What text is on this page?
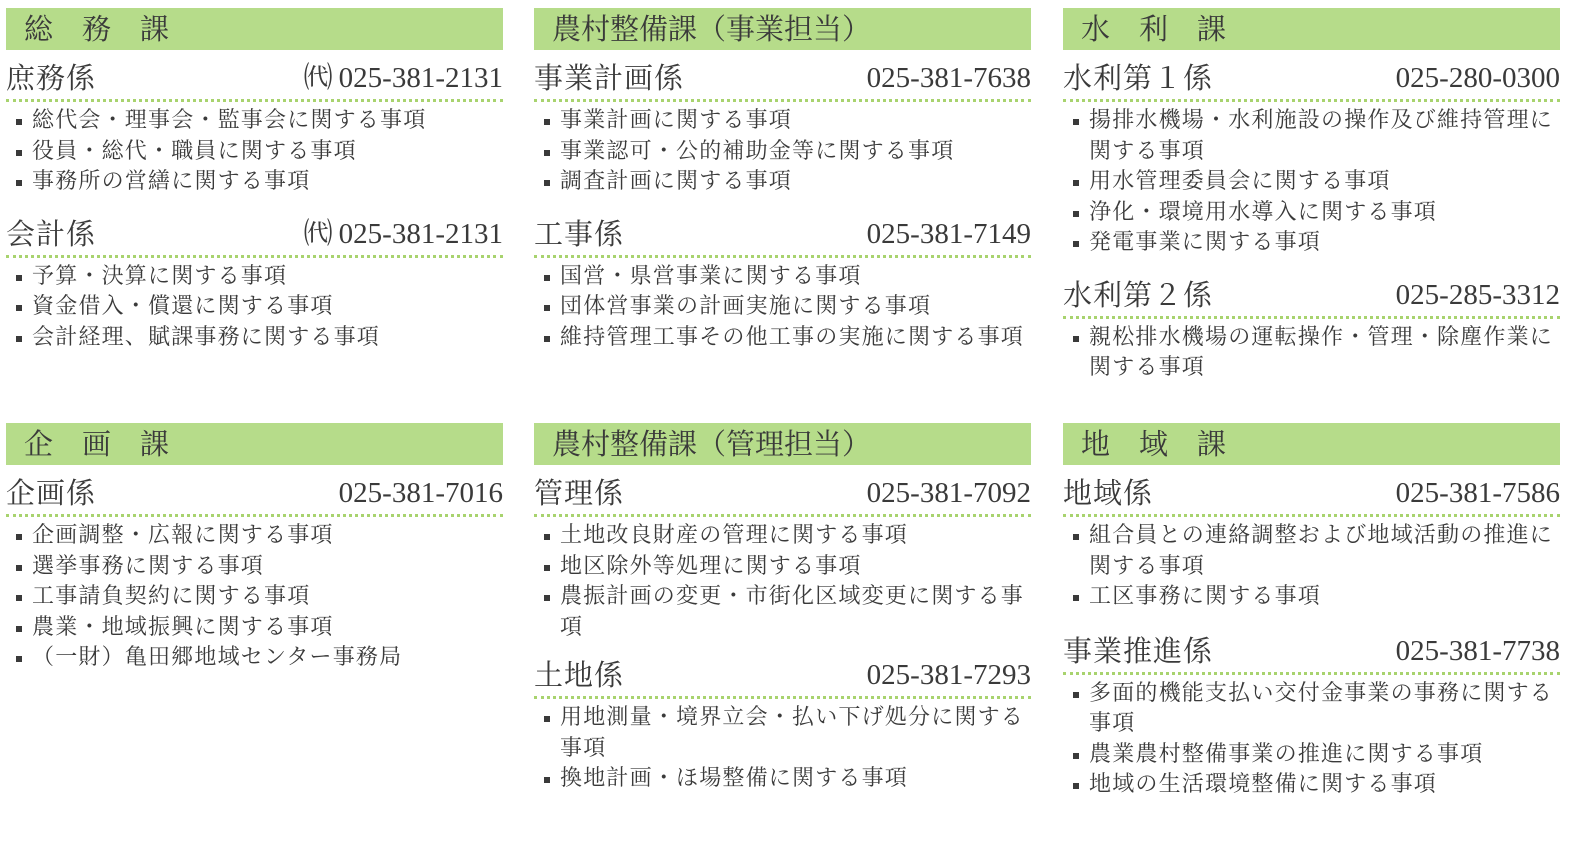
総　務　課
庶務係	㈹ 025-381-2131
総代会・理事会・監事会に関する事項
役員・総代・職員に関する事項
事務所の営繕に関する事項
会計係	㈹ 025-381-2131
予算・決算に関する事項
資金借入・償還に関する事項
会計経理、賦課事務に関する事項
企　画　課
企画係	025-381-7016
企画調整・広報に関する事項
選挙事務に関する事項
工事請負契約に関する事項
農業・地域振興に関する事項
（一財）亀田郷地域センター事務局
農村整備課（事業担当）
事業計画係	025-381-7638
事業計画に関する事項
事業認可・公的補助金等に関する事項
調査計画に関する事項
工事係	025-381-7149
国営・県営事業に関する事項
団体営事業の計画実施に関する事項
維持管理工事その他工事の実施に関する事項
農村整備課（管理担当）
管理係	025-381-7092
土地改良財産の管理に関する事項
地区除外等処理に関する事項
農振計画の変更・市街化区域変更に関する事項
土地係	025-381-7293
用地測量・境界立会・払い下げ処分に関する事項
換地計画・ほ場整備に関する事項
水　利　課
水利第１係	025-280-0300
揚排水機場・水利施設の操作及び維持管理に関する事項
用水管理委員会に関する事項
浄化・環境用水導入に関する事項
発電事業に関する事項
水利第２係	025-285-3312
親松排水機場の運転操作・管理・除塵作業に関する事項
地　域　課
地域係	025-381-7586
組合員との連絡調整および地域活動の推進に関する事項
工区事務に関する事項
事業推進係	025-381-7738
多面的機能支払い交付金事業の事務に関する事項
農業農村整備事業の推進に関する事項
地域の生活環境整備に関する事項
